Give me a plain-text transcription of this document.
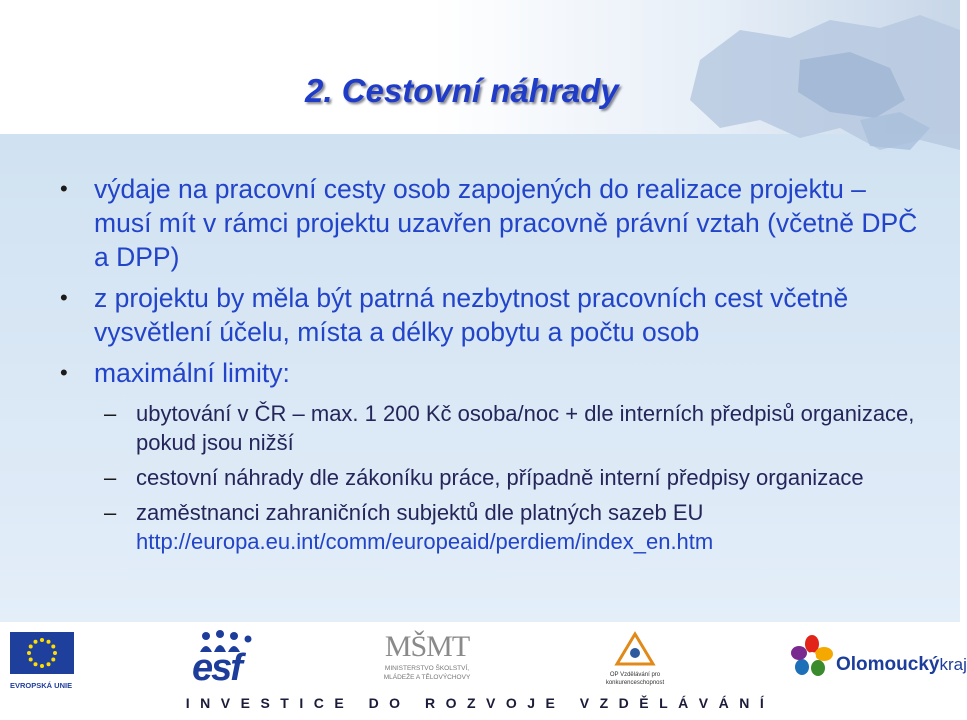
2. Cestovní náhrady
• výdaje na pracovní cesty osob zapojených do realizace projektu – musí mít v rámci projektu uzavřen pracovně právní vztah (včetně DPČ a DPP)
• z projektu by měla být patrná nezbytnost pracovních cest včetně vysvětlení účelu, místa a délky pobytu a počtu osob
• maximální limity:
– ubytování v ČR – max. 1 200 Kč osoba/noc + dle interních předpisů organizace, pokud jsou nižší
– cestovní náhrady dle zákoníku práce, případně interní předpisy organizace
– zaměstnanci zahraničních subjektů dle platných sazeb EU http://europa.eu.int/comm/europeaid/perdiem/index_en.htm
EVROPSKÁ UNIE	esf
MŠMT
MINISTERSTVO ŠKOLSTVÍ, MLÁDEŽE A TĚLOVÝCHOVY	OP Vzdělávání pro konkurenceschopnost
Olomouckýkraj
INVESTICE DO ROZVOJE VZDĚLÁVÁNÍ
